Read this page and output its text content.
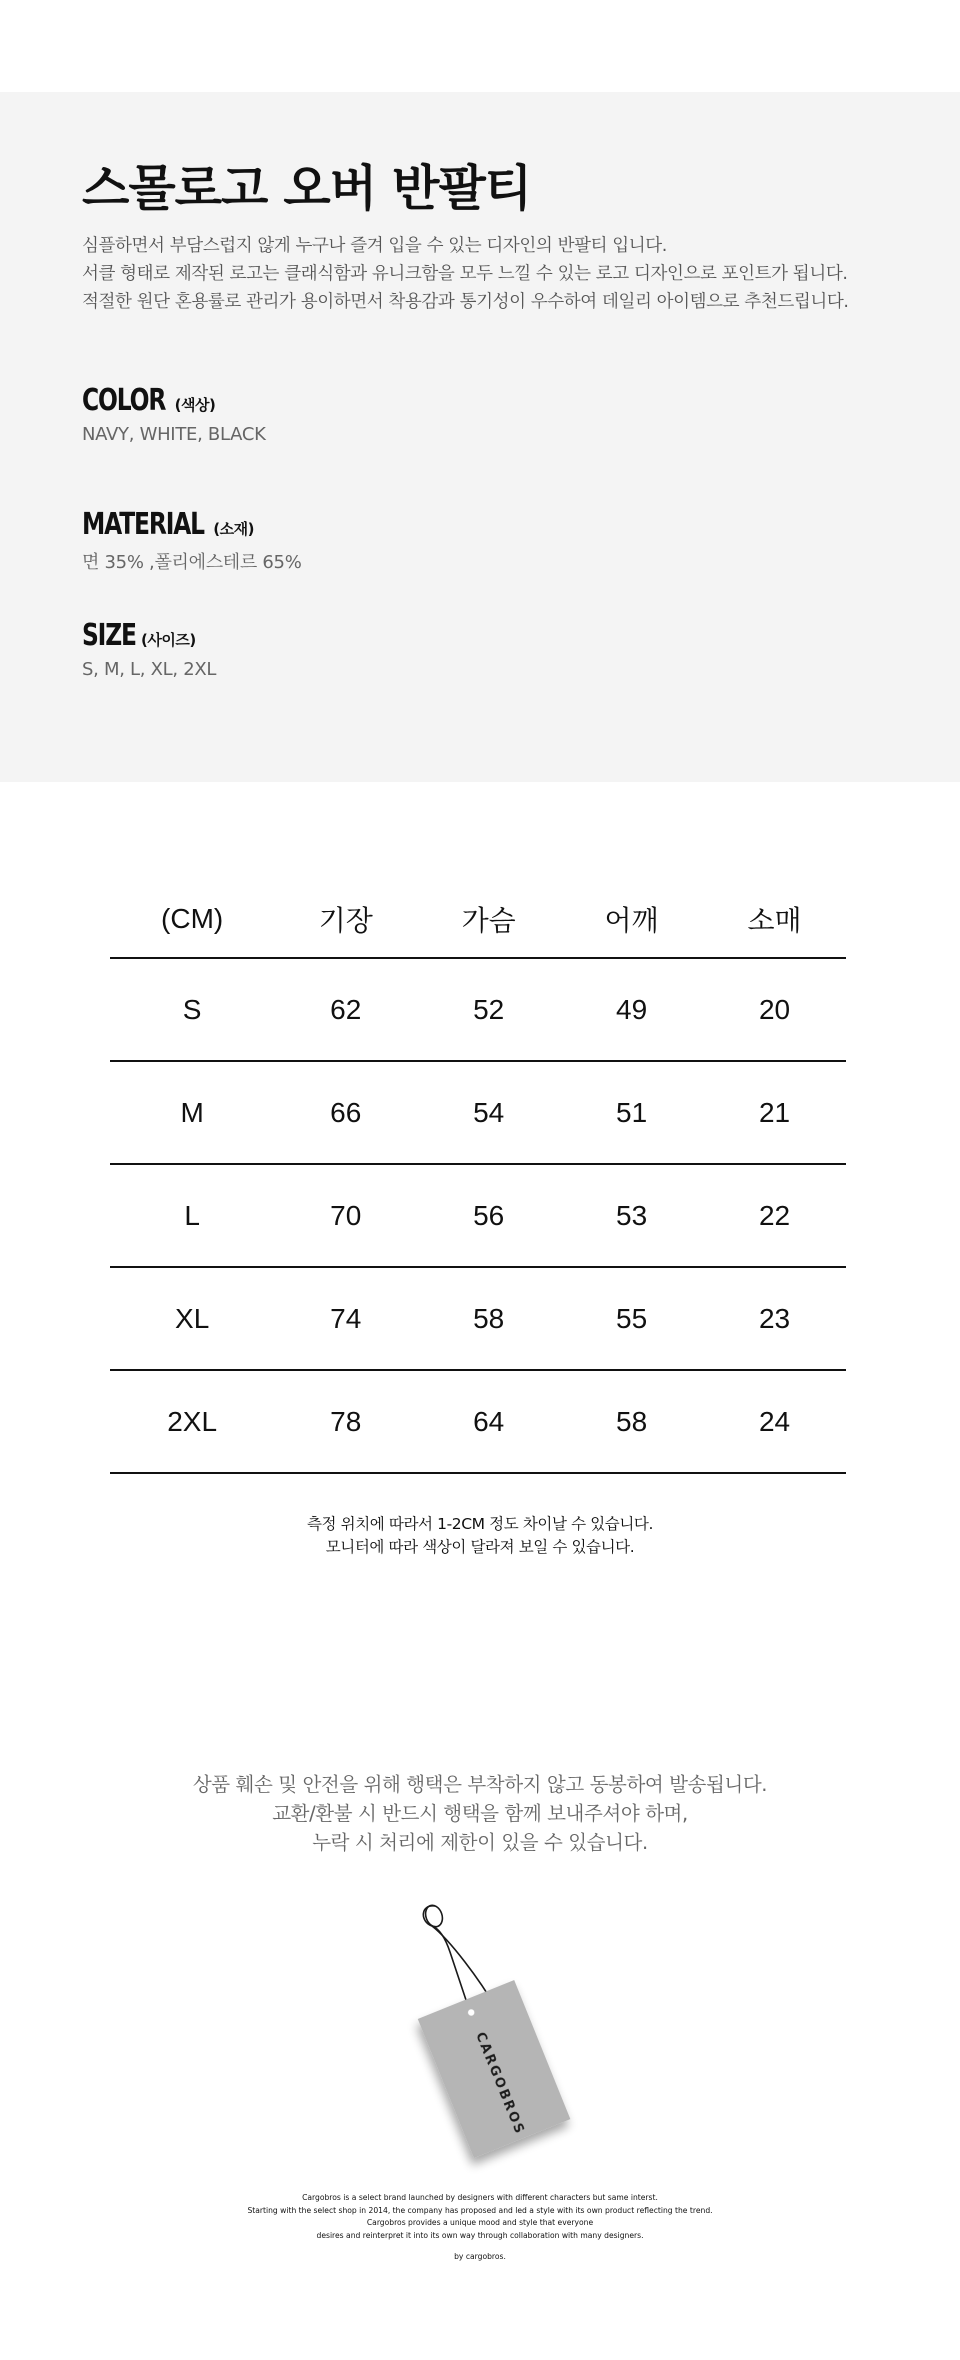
스몰로고 오버 반팔티
심플하면서 부담스럽지 않게 누구나 즐겨 입을 수 있는 디자인의 반팔티 입니다.
서클 형태로 제작된 로고는 클래식함과 유니크함을 모두 느낄 수 있는 로고 디자인으로 포인트가 됩니다.
적절한 원단 혼용률로 관리가 용이하면서 착용감과 통기성이 우수하여 데일리 아이템으로 추천드립니다.
COLOR (색상)
NAVY, WHITE, BLACK
MATERIAL (소재)
면 35% ,폴리에스테르 65%
SIZE (사이즈)
S, M, L, XL, 2XL
(CM)	기장	가슴	어깨	소매
S	62	52	49	20
M	66	54	51	21
L	70	56	53	22
XL	74	58	55	23
2XL	78	64	58	24
측정 위치에 따라서 1-2CM 정도 차이날 수 있습니다.
모니터에 따라 색상이 달라져 보일 수 있습니다.
상품 훼손 및 안전을 위해 행택은 부착하지 않고 동봉하여 발송됩니다.
교환/환불 시 반드시 행택을 함께 보내주셔야 하며,
누락 시 처리에 제한이 있을 수 있습니다.
CARGOBROS
Cargobros is a select brand launched by designers with different characters but same interst.
Starting with the select shop in 2014, the company has proposed and led a style with its own product reflecting the trend.
Cargobros provides a unique mood and style that everyone
desires and reinterpret it into its own way through collaboration with many designers.
by cargobros.
